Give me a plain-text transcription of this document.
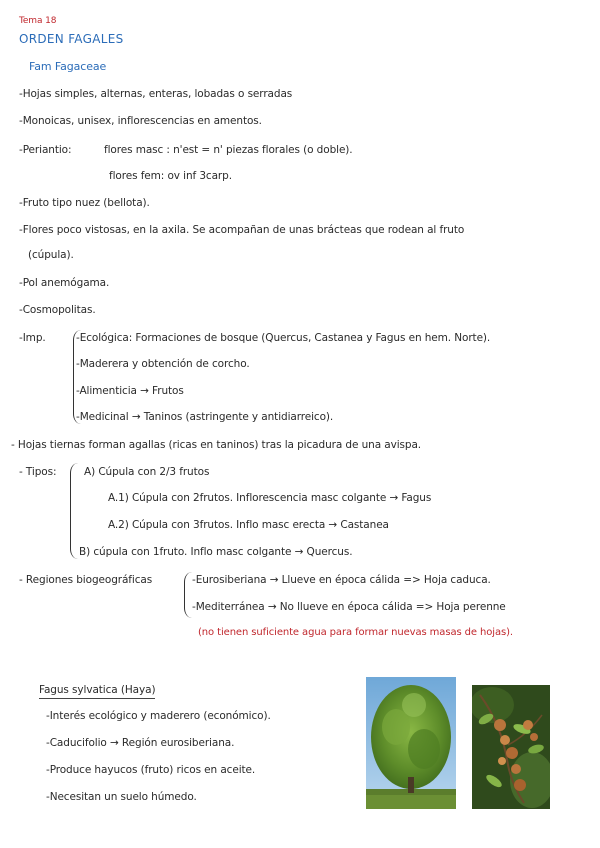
Tema 18
ORDEN FAGALES
Fam Fagaceae
-Hojas simples, alternas, enteras, lobadas o serradas
-Monoicas, unisex, inflorescencias en amentos.
-Periantio:	flores masc : n'est = n' piezas florales (o doble).
flores fem: ov inf 3carp.
-Fruto tipo nuez (bellota).
-Flores poco vistosas, en la axila. Se acompañan de unas brácteas que rodean al fruto
(cúpula).
-Pol anemógama.
-Cosmopolitas.
-Imp.	-Ecológica: Formaciones de bosque (Quercus, Castanea y Fagus en hem. Norte).
-Maderera y obtención de corcho.
-Alimenticia → Frutos
-Medicinal → Taninos (astringente y antidiarreico).
- Hojas tiernas forman agallas (ricas en taninos) tras la picadura de una avispa.
- Tipos:	A) Cúpula con 2/3 frutos
A.1) Cúpula con 2frutos. Inflorescencia masc colgante → Fagus
A.2) Cúpula con 3frutos. Inflo masc erecta → Castanea
B) cúpula con 1fruto. Inflo masc colgante → Quercus.
- Regiones biogeográficas	-Eurosiberiana → Llueve en época cálida => Hoja caduca.
-Mediterránea → No llueve en época cálida => Hoja perenne
(no tienen suficiente agua para formar nuevas masas de hojas).
Fagus sylvatica (Haya)
-Interés ecológico y maderero (económico).
-Caducifolio → Región eurosiberiana.
-Produce hayucos (fruto) ricos en aceite.
-Necesitan un suelo húmedo.
